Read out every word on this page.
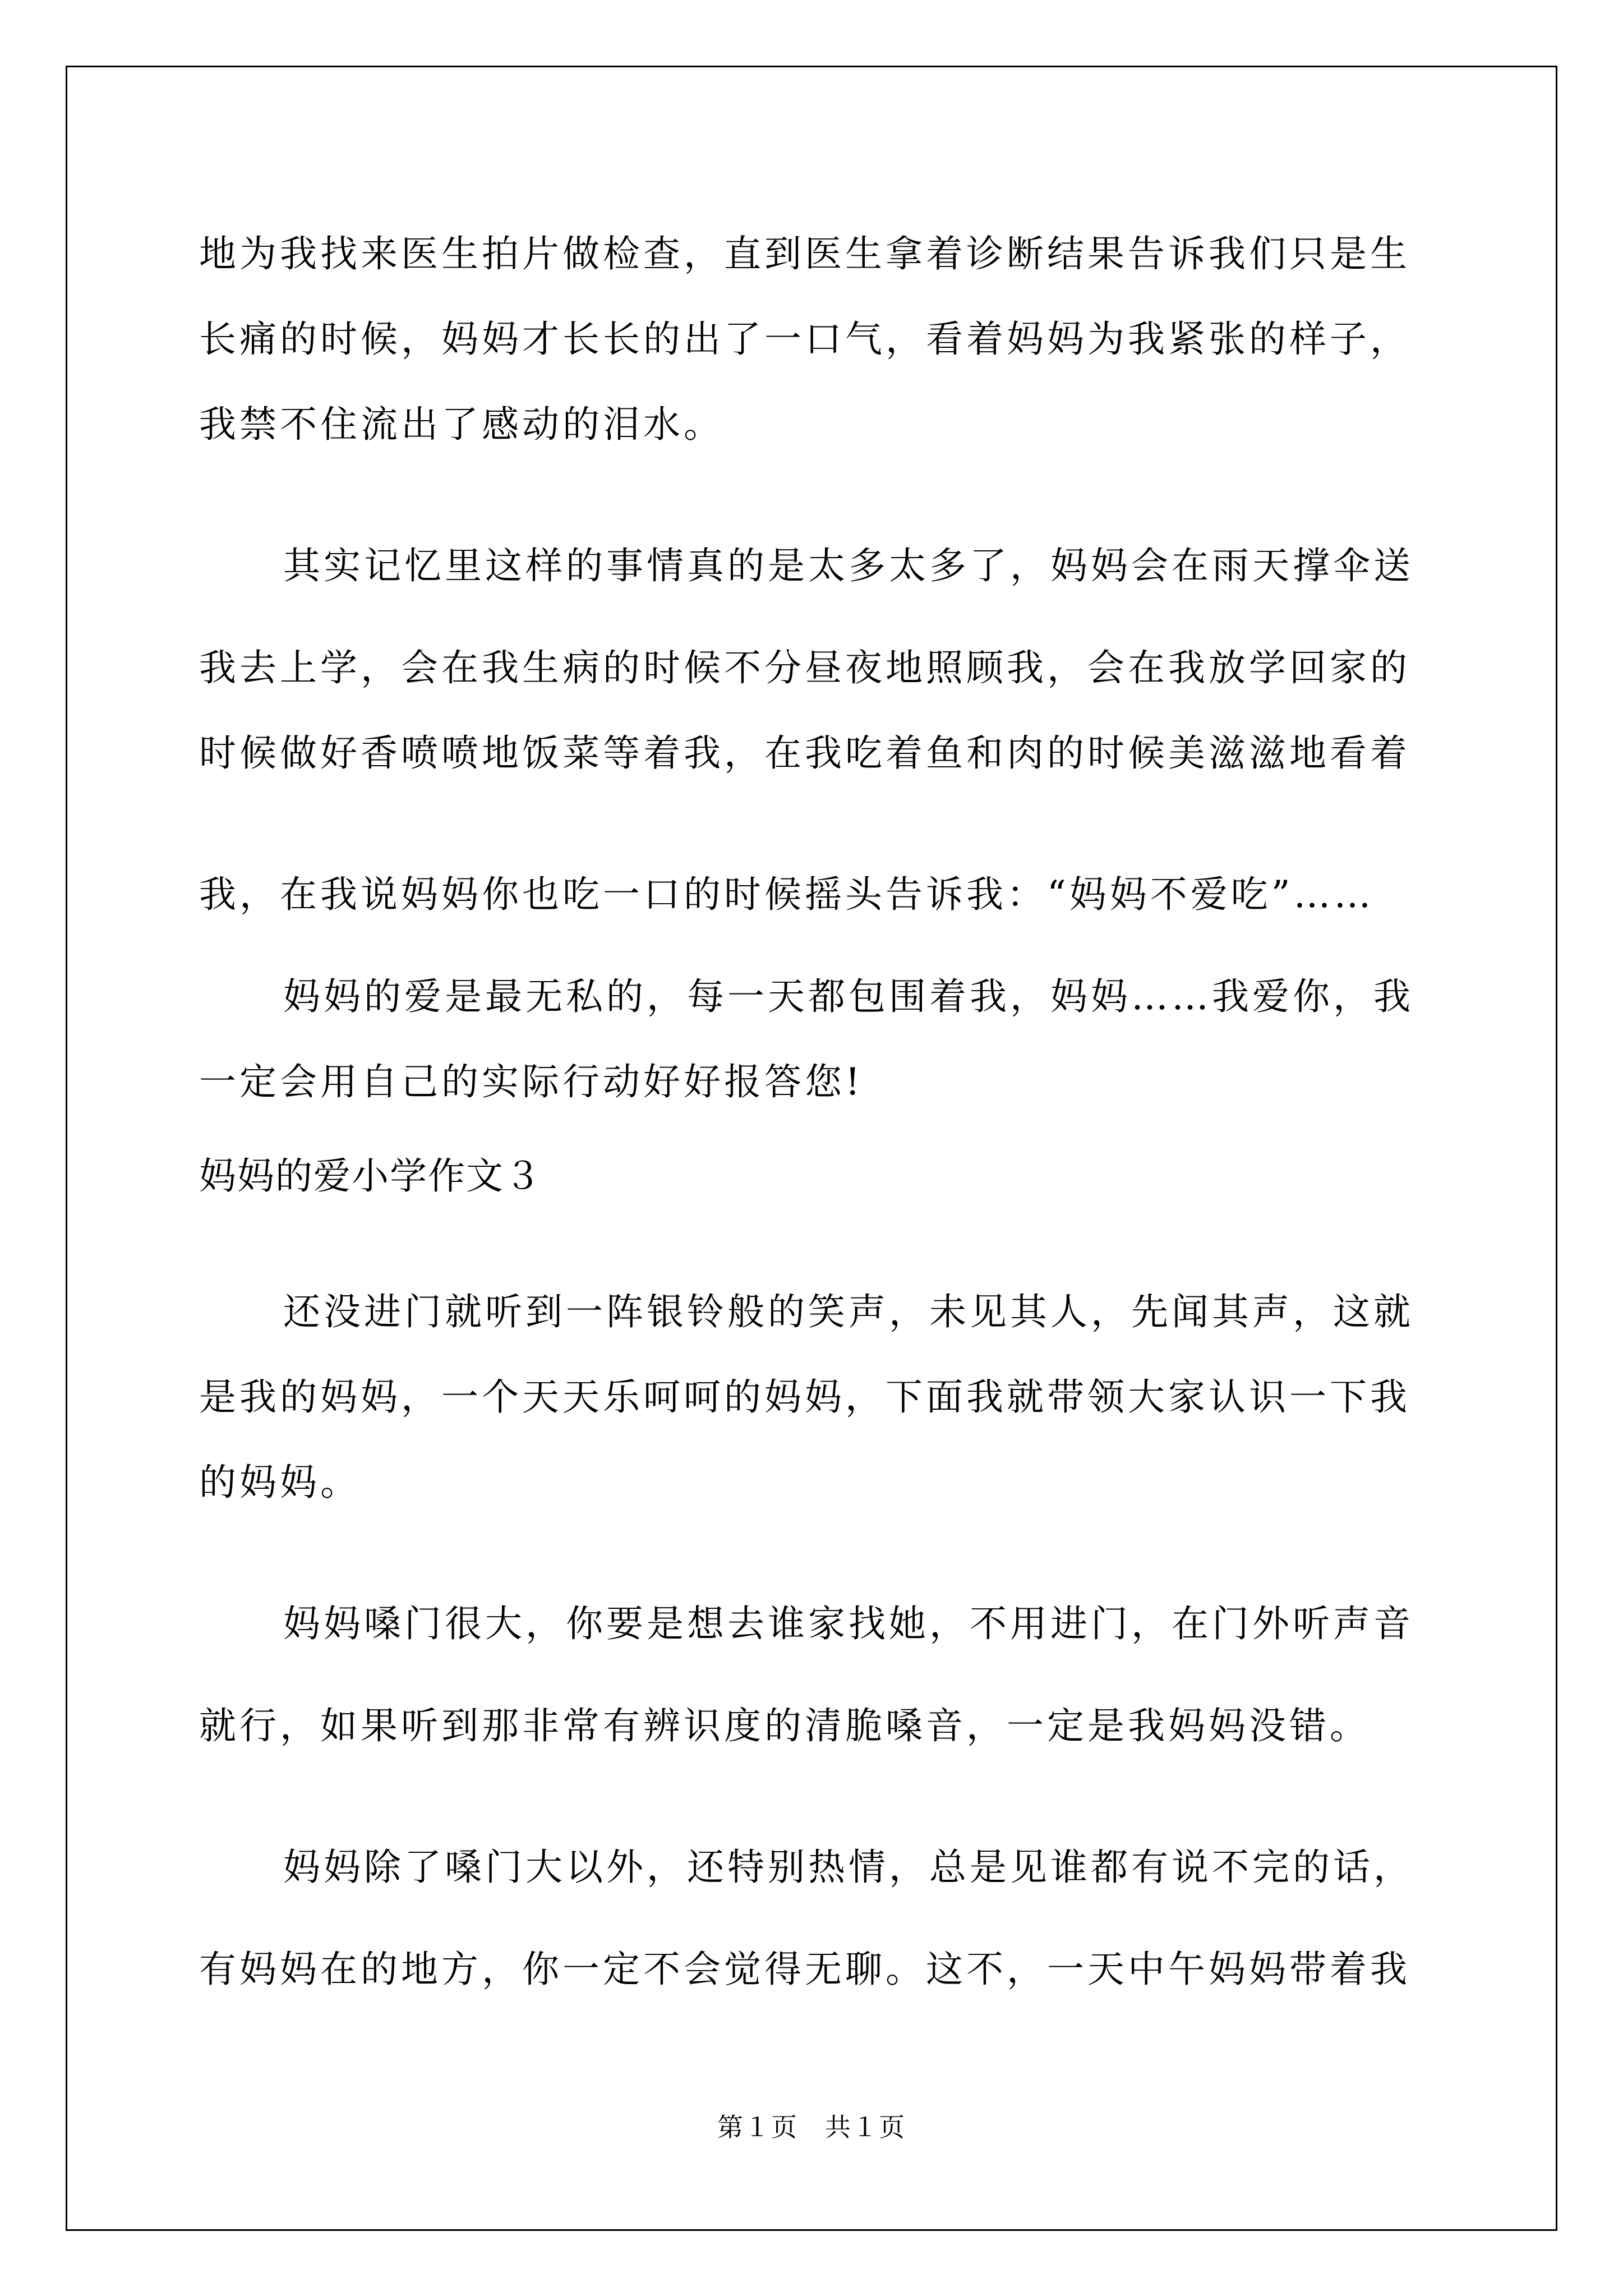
地为我找来医生拍片做检查，直到医生拿着诊断结果告诉我们只是生
长痛的时候，妈妈才长长的出了一口气，看着妈妈为我紧张的样子，
我禁不住流出了感动的泪水。
其实记忆里这样的事情真的是太多太多了，妈妈会在雨天撑伞送
我去上学，会在我生病的时候不分昼夜地照顾我，会在我放学回家的
时候做好香喷喷地饭菜等着我，在我吃着鱼和肉的时候美滋滋地看着
我，在我说妈妈你也吃一口的时候摇头告诉我：“妈妈不爱吃”……
妈妈的爱是最无私的，每一天都包围着我，妈妈……我爱你，我
一定会用自己的实际行动好好报答您!
妈妈的爱小学作文３
还没进门就听到一阵银铃般的笑声，未见其人，先闻其声，这就
是我的妈妈，一个天天乐呵呵的妈妈，下面我就带领大家认识一下我
的妈妈。
妈妈嗓门很大，你要是想去谁家找她，不用进门，在门外听声音
就行，如果听到那非常有辨识度的清脆嗓音，一定是我妈妈没错。
妈妈除了嗓门大以外，还特别热情，总是见谁都有说不完的话，
有妈妈在的地方，你一定不会觉得无聊。这不，一天中午妈妈带着我
第１页　共１页
